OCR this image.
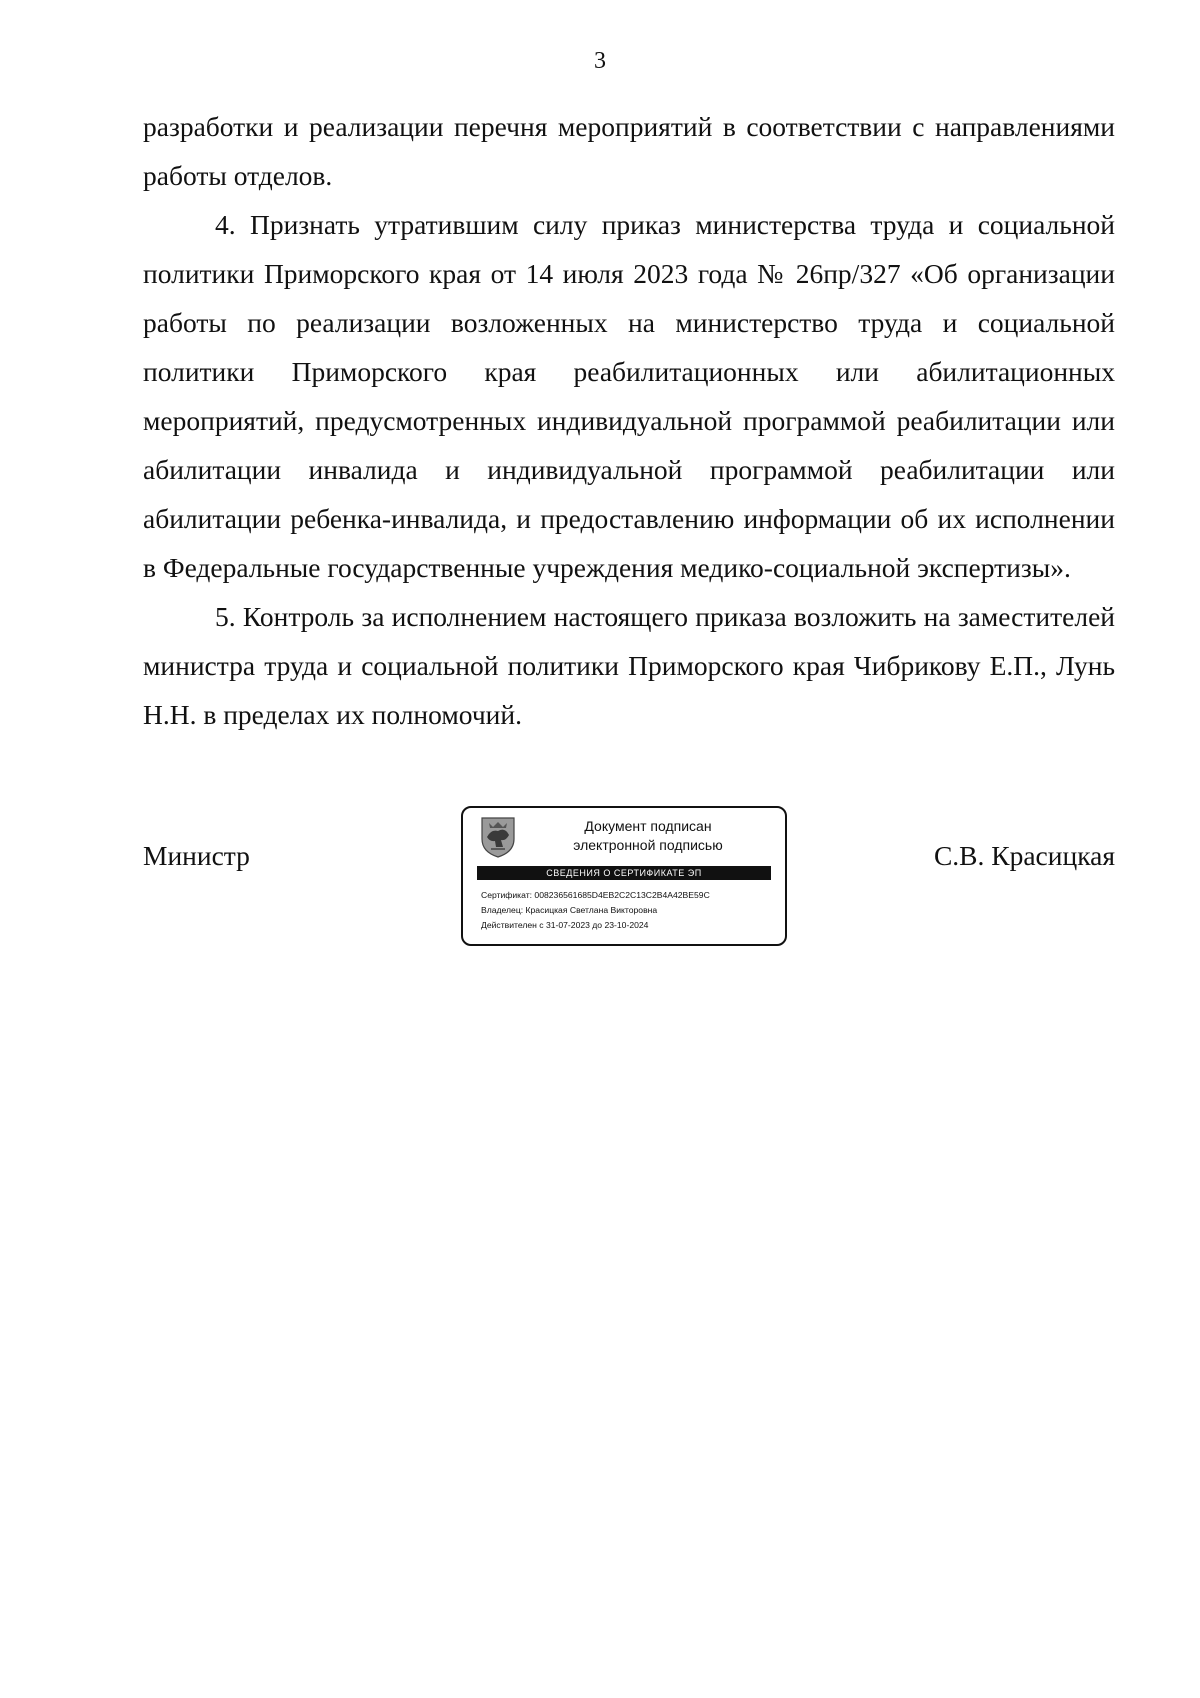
3

разработки и реализации перечня мероприятий в соответствии с направлениями работы отделов.

4. Признать утратившим силу приказ министерства труда и социальной политики Приморского края от 14 июля 2023 года № 26пр/327 «Об организации работы по реализации возложенных на министерство труда и социальной политики Приморского края реабилитационных или абилитационных мероприятий, предусмотренных индивидуальной программой реабилитации или абилитации инвалида и индивидуальной программой реабилитации или абилитации ребенка-инвалида, и предоставлению информации об их исполнении в Федеральные государственные учреждения медико-социальной экспертизы».

5. Контроль за исполнением настоящего приказа возложить на заместителей министра труда и социальной политики Приморского края Чибрикову Е.П., Лунь Н.Н. в пределах их полномочий.

Министр
Документ подписан
электронной подписью
СВЕДЕНИЯ О СЕРТИФИКАТЕ ЭП
Сертификат: 008236561685D4EB2C2C13C2B4A42BE59C
Владелец: Красицкая Светлана Викторовна
Действителен с 31-07-2023 до 23-10-2024
С.В. Красицкая
